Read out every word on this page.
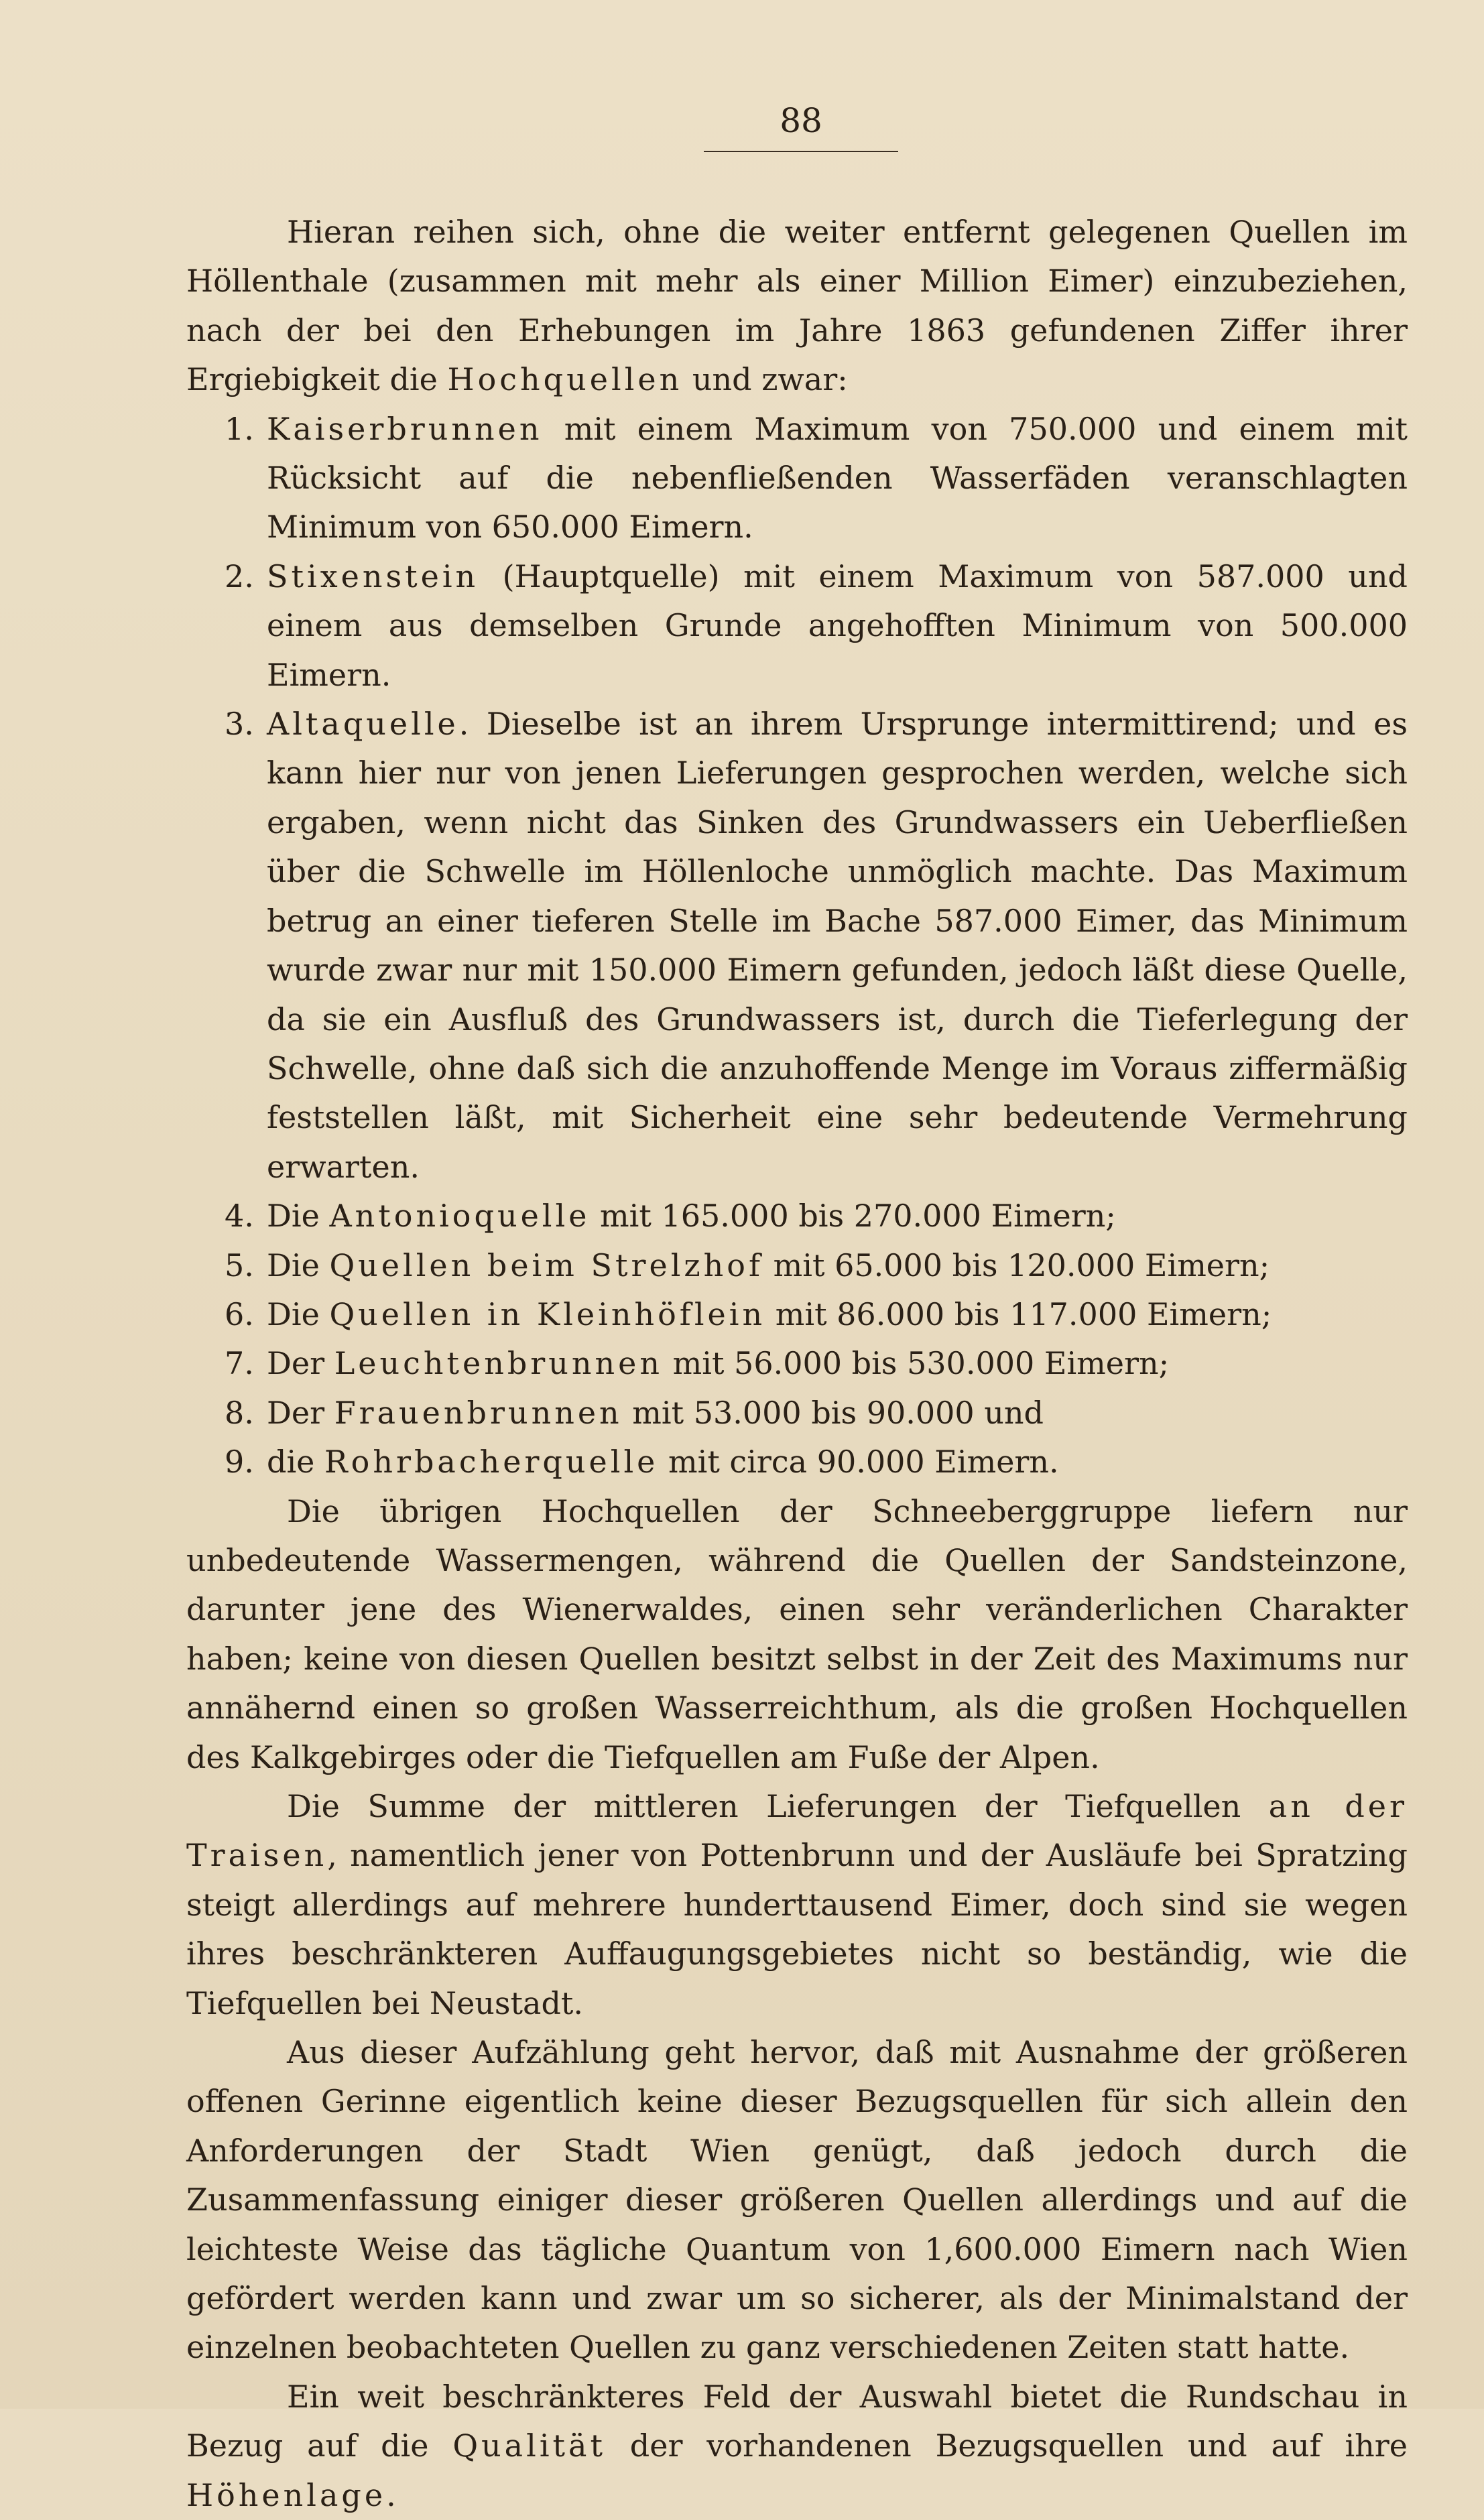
88

Hieran reihen sich, ohne die weiter entfernt gelegenen Quellen im Höllenthale (zusammen mit mehr als einer Million Eimer) einzubeziehen, nach der bei den Erhebungen im Jahre 1863 gefundenen Ziffer ihrer Ergiebigkeit die Hochquellen und zwar:

1. Kaiserbrunnen mit einem Maximum von 750.000 und einem mit Rücksicht auf die nebenfließenden Wasserfäden veranschlagten Minimum von 650.000 Eimern.

2. Stixenstein (Hauptquelle) mit einem Maximum von 587.000 und einem aus demselben Grunde angehofften Minimum von 500.000 Eimern.

3. Altaquelle. Dieselbe ist an ihrem Ursprunge intermittirend; und es kann hier nur von jenen Lieferungen gesprochen werden, welche sich ergaben, wenn nicht das Sinken des Grundwassers ein Ueberfließen über die Schwelle im Höllenloche unmöglich machte. Das Maximum betrug an einer tieferen Stelle im Bache 587.000 Eimer, das Minimum wurde zwar nur mit 150.000 Eimern gefunden, jedoch läßt diese Quelle, da sie ein Ausfluß des Grundwassers ist, durch die Tieferlegung der Schwelle, ohne daß sich die anzuhoffende Menge im Voraus ziffermäßig feststellen läßt, mit Sicherheit eine sehr bedeutende Vermehrung erwarten.

4. Die Antonioquelle mit 165.000 bis 270.000 Eimern;

5. Die Quellen beim Strelzhof mit 65.000 bis 120.000 Eimern;

6. Die Quellen in Kleinhöflein mit 86.000 bis 117.000 Eimern;

7. Der Leuchtenbrunnen mit 56.000 bis 530.000 Eimern;

8. Der Frauenbrunnen mit 53.000 bis 90.000 und

9. die Rohrbacherquelle mit circa 90.000 Eimern.

Die übrigen Hochquellen der Schneeberggruppe liefern nur unbedeutende Wassermengen, während die Quellen der Sandsteinzone, darunter jene des Wienerwaldes, einen sehr veränderlichen Charakter haben; keine von diesen Quellen besitzt selbst in der Zeit des Maximums nur annähernd einen so großen Wasserreichthum, als die großen Hochquellen des Kalkgebirges oder die Tiefquellen am Fuße der Alpen.

Die Summe der mittleren Lieferungen der Tiefquellen an der Traisen, namentlich jener von Pottenbrunn und der Ausläufe bei Spratzing steigt allerdings auf mehrere hunderttausend Eimer, doch sind sie wegen ihres beschränkteren Auffaugungsgebietes nicht so beständig, wie die Tiefquellen bei Neustadt.

Aus dieser Aufzählung geht hervor, daß mit Ausnahme der größeren offenen Gerinne eigentlich keine dieser Bezugsquellen für sich allein den Anforderungen der Stadt Wien genügt, daß jedoch durch die Zusammenfassung einiger dieser größeren Quellen allerdings und auf die leichteste Weise das tägliche Quantum von 1,600.000 Eimern nach Wien gefördert werden kann und zwar um so sicherer, als der Minimalstand der einzelnen beobachteten Quellen zu ganz verschiedenen Zeiten statt hatte.

Ein weit beschränkteres Feld der Auswahl bietet die Rundschau in Bezug auf die Qualität der vorhandenen Bezugsquellen und auf ihre Höhenlage.
